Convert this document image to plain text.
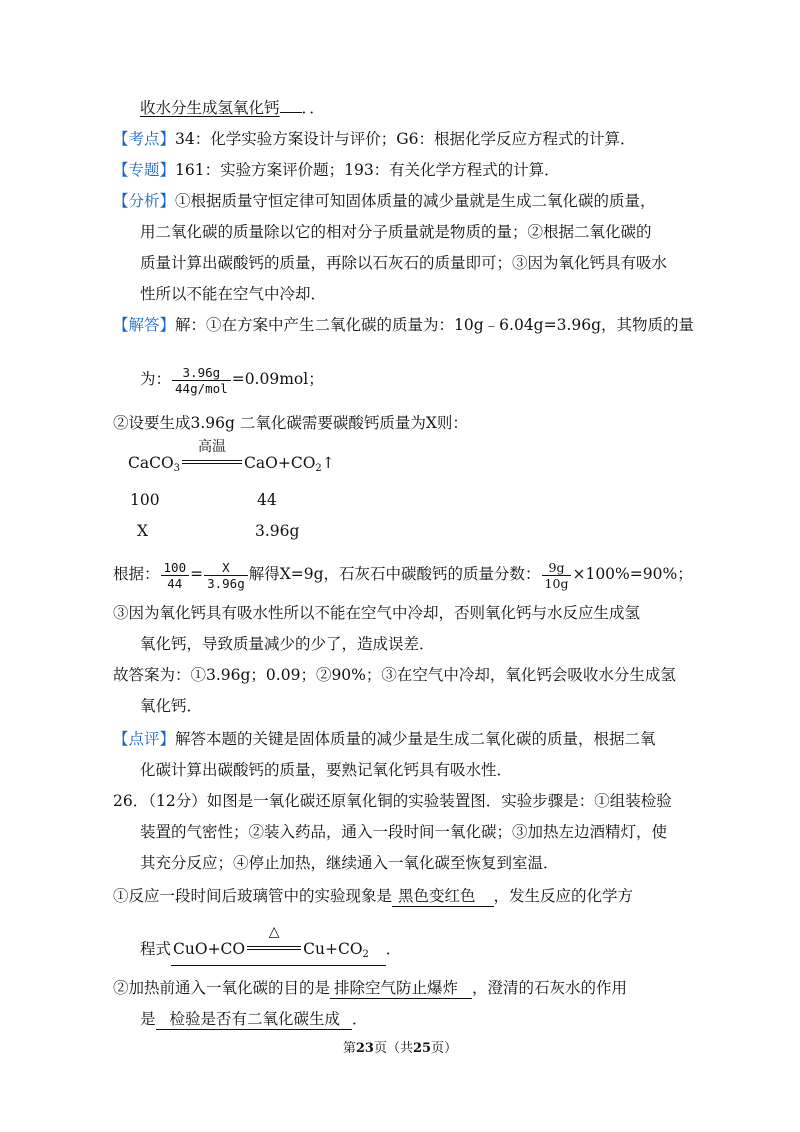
收水分生成氢氧化钙 ．．
【考点】34：化学实验方案设计与评价；G6：根据化学反应方程式的计算．
【专题】161：实验方案评价题；193：有关化学方程式的计算．
【分析】①根据质量守恒定律可知固体质量的减少量就是生成二氧化碳的质量，
用二氧化碳的质量除以它的相对分子质量就是物质的量；②根据二氧化碳的
质量计算出碳酸钙的质量，再除以石灰石的质量即可；③因为氧化钙具有吸水
性所以不能在空气中冷却．
【解答】解：①在方案中产生二氧化碳的质量为：10g﹣6.04g=3.96g，其物质的量
为： $\frac{3.96g}{\text{44g/mol}} =0.09mol$；
②设要生成3.96g 二氧化碳需要碳酸钙质量为X则：
CaCO$_3$
高温
$CaO+CO_2↑$
100	44
X	3.96g
根据： $\frac{100}{44} = \frac{X}{3.96g}$ 解得X=9g，石灰石中碳酸钙的质量分数： $\frac{9g}{10g} \times 100\%=90\%$；
③因为氧化钙具有吸水性所以不能在空气中冷却，否则氧化钙与水反应生成氢
氧化钙，导致质量减少的少了，造成误差．
故答案为：①3.96g；0.09；②90%；③在空气中冷却，氧化钙会吸收水分生成氢
氧化钙．
【点评】解答本题的关键是固体质量的减少量是生成二氧化碳的质量，根据二氧
化碳计算出碳酸钙的质量，要熟记氧化钙具有吸水性．
26．（12分）如图是一氧化碳还原氧化铜的实验装置图．实验步骤是：①组装检验
装置的气密性；②装入药品，通入一段时间一氧化碳；③加热左边酒精灯，使
其充分反应；④停止加热，继续通入一氧化碳至恢复到室温．
①反应一段时间后玻璃管中的实验现象是 黑色变红色 ，发生反应的化学方
程式 CuO+CO
△
$Cu+CO_2$ ．
②加热前通入一氧化碳的目的是 排除空气防止爆炸 ，澄清的石灰水的作用
是 检验是否有二氧化碳生成 ．
第23页（共25页）
